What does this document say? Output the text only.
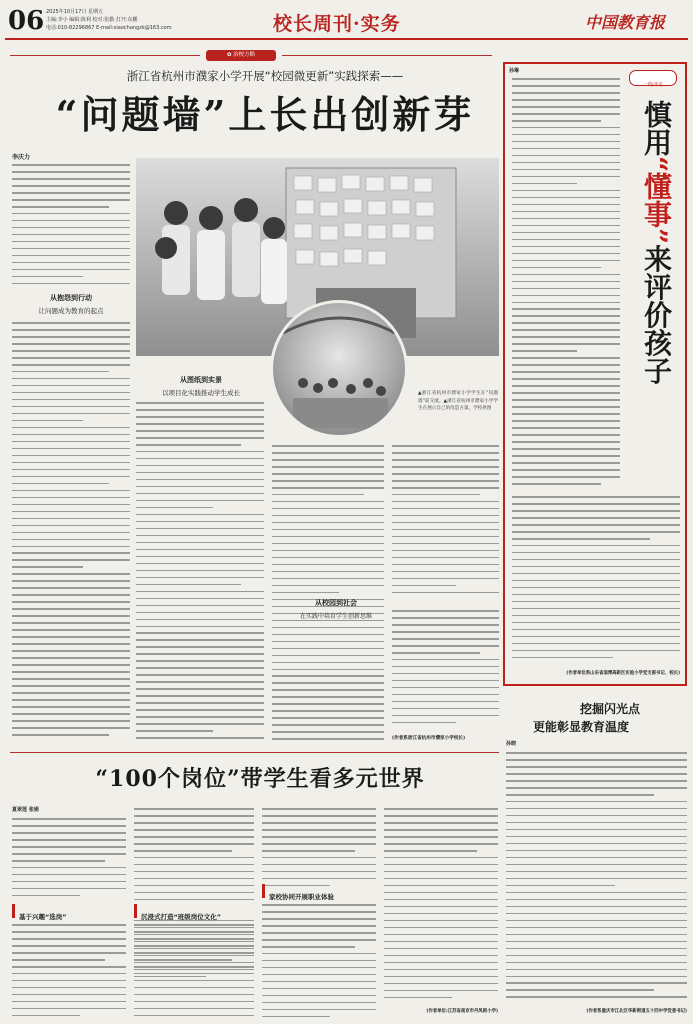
06 2025年10月17日 星期五
主编:李小 编辑:陈利 校对:张勤 打开:东鹏
电话:010-82296867 E-mail:xiaochangzk@163.com	校长周刊·实务	中国教育报
✿ 治校方略
浙江省杭州市濮家小学开展“校园微更新”实践探索——
“问题墙”上长出创新芽
李庆力
从抱怨到行动
让问题成为教育的起点
▲浙江省杭州市濮家小学学生在“问题墙”前交流。▲浙江省杭州市濮家小学学生在展示自己的改造方案。学校供图
从图纸到实景
以项目化实践推动学生成长
从校园到社会
在实践中培育学生创新思维
(作者系浙江省杭州市濮家小学校长)
孙琳
一线评论
慎用“懂事”来评价孩子
(作者单位系山东省淄博高新区实验小学党支部书记、校长)
挖掘闪光点
更能彰显教育温度
孙晓
(作者系重庆市江北区华新街道五十四中学党委书记)
“100个岗位”带学生看多元世界
夏翠莲 张娟
基于兴趣“选岗”	沉浸式打造“班级岗位文化”
家校协同开展职业体验
(作者单位:江苏省南京市丹凤街小学)
